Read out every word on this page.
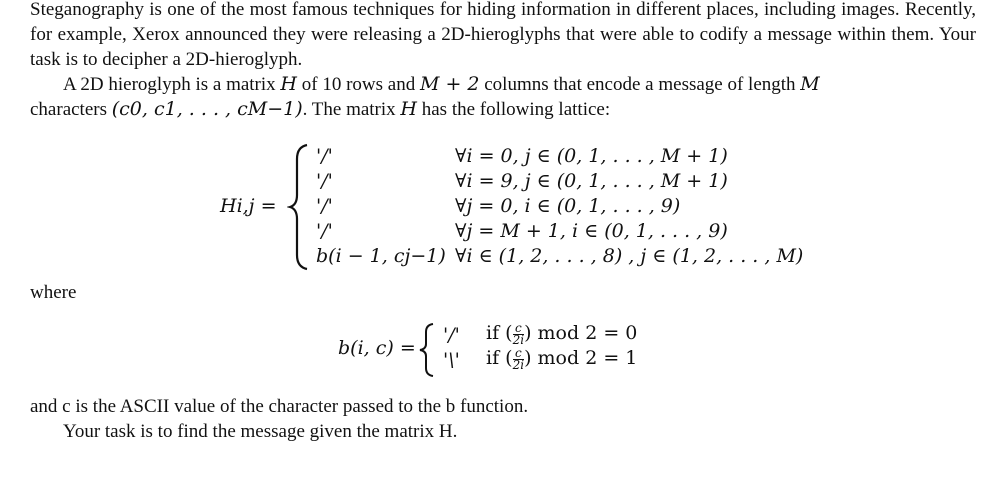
Steganography is one of the most famous techniques for hiding information in different places, including images. Recently, for example, Xerox announced they were releasing a 2D-hieroglyphs that were able to codify a message within them. Your task is to decipher a 2D-hieroglyph.

A 2D hieroglyph is a matrix H of 10 rows and M + 2 columns that encode a message of length M
characters (c0, c1, . . . , cM−1). The matrix H has the following lattice:

Hi,j =
'/'
'/'
'/'
'/'
b(i − 1, cj−1)
∀i = 0, j ∈ (0, 1, . . . , M + 1)
∀i = 9, j ∈ (0, 1, . . . , M + 1)
∀j = 0, i ∈ (0, 1, . . . , 9)
∀j = M + 1, i ∈ (0, 1, . . . , 9)
∀i ∈ (1, 2, . . . , 8) , j ∈ (1, 2, . . . , M)
where
b(i, c) =
'/'
'\'
if ( $\frac{c}{2i}$ ) mod 2 = 0
if ( $\frac{c}{2i}$ ) mod 2 = 1

and c is the ASCII value of the character passed to the b function.

Your task is to find the message given the matrix H.
